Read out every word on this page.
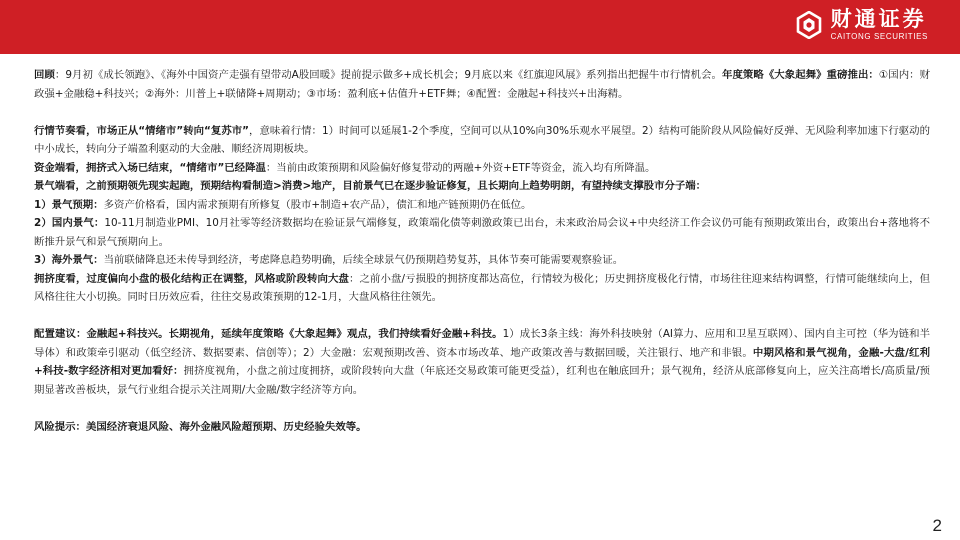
财通证券
CAITONG SECURITIES

回顾：9月初《成长领跑》、《海外中国资产走强有望带动A股回暖》提前提示做多+成长机会；9月底以来《红旗迎风展》系列指出把握牛市行情机会。年度策略《大象起舞》重磅推出：①国内：财政强+金融稳+科技兴；②海外：川普上+联储降+周期动；③市场：盈利底+估值升+ETF舞；④配置：金融起+科技兴+出海精。

行情节奏看，市场正从“情绪市”转向“复苏市”，意味着行情：1）时间可以延展1-2个季度，空间可以从10%向30%乐观水平展望。2）结构可能阶段从风险偏好反弹、无风险利率加速下行驱动的中小成长，转向分子端盈利驱动的大金融、顺经济周期板块。

资金端看，拥挤式入场已结束，“情绪市”已经降温：当前由政策预期和风险偏好修复带动的两融+外资+ETF等资金，流入均有所降温。

景气端看，之前预期领先现实起跑，预期结构看制造>消费>地产，目前景气已在逐步验证修复，且长期向上趋势明朗，有望持续支撑股市分子端：

1）景气预期：多资产价格看，国内需求预期有所修复（股市+制造+农产品），债汇和地产链预期仍在低位。

2）国内景气：10-11月制造业PMI、10月社零等经济数据均在验证景气端修复，政策端化债等刺激政策已出台，未来政治局会议+中央经济工作会议仍可能有预期政策出台，政策出台+落地将不断推升景气和景气预期向上。

3）海外景气：当前联储降息还未传导到经济，考虑降息趋势明确，后续全球景气仍预期趋势复苏，具体节奏可能需要观察验证。

拥挤度看，过度偏向小盘的极化结构正在调整，风格或阶段转向大盘：之前小盘/亏损股的拥挤度都达高位，行情较为极化；历史拥挤度极化行情，市场往往迎来结构调整，行情可能继续向上，但风格往往大小切换。同时日历效应看，往往交易政策预期的12-1月，大盘风格往往领先。

配置建议：金融起+科技兴。长期视角，延续年度策略《大象起舞》观点，我们持续看好金融+科技。1）成长3条主线：海外科技映射（AI算力、应用和卫星互联网）、国内自主可控（华为链和半导体）和政策牵引驱动（低空经济、数据要素、信创等）；2）大金融：宏观预期改善、资本市场改革、地产政策改善与数据回暖，关注银行、地产和非银。中期风格和景气视角，金融-大盘/红利+科技-数字经济相对更加看好：拥挤度视角，小盘之前过度拥挤，或阶段转向大盘（年底还交易政策可能更受益），红利也在触底回升；景气视角，经济从底部修复向上，应关注高增长/高质量/预期显著改善板块，景气行业组合提示关注周期/大金融/数字经济等方向。

风险提示：美国经济衰退风险、海外金融风险超预期、历史经验失效等。

2
